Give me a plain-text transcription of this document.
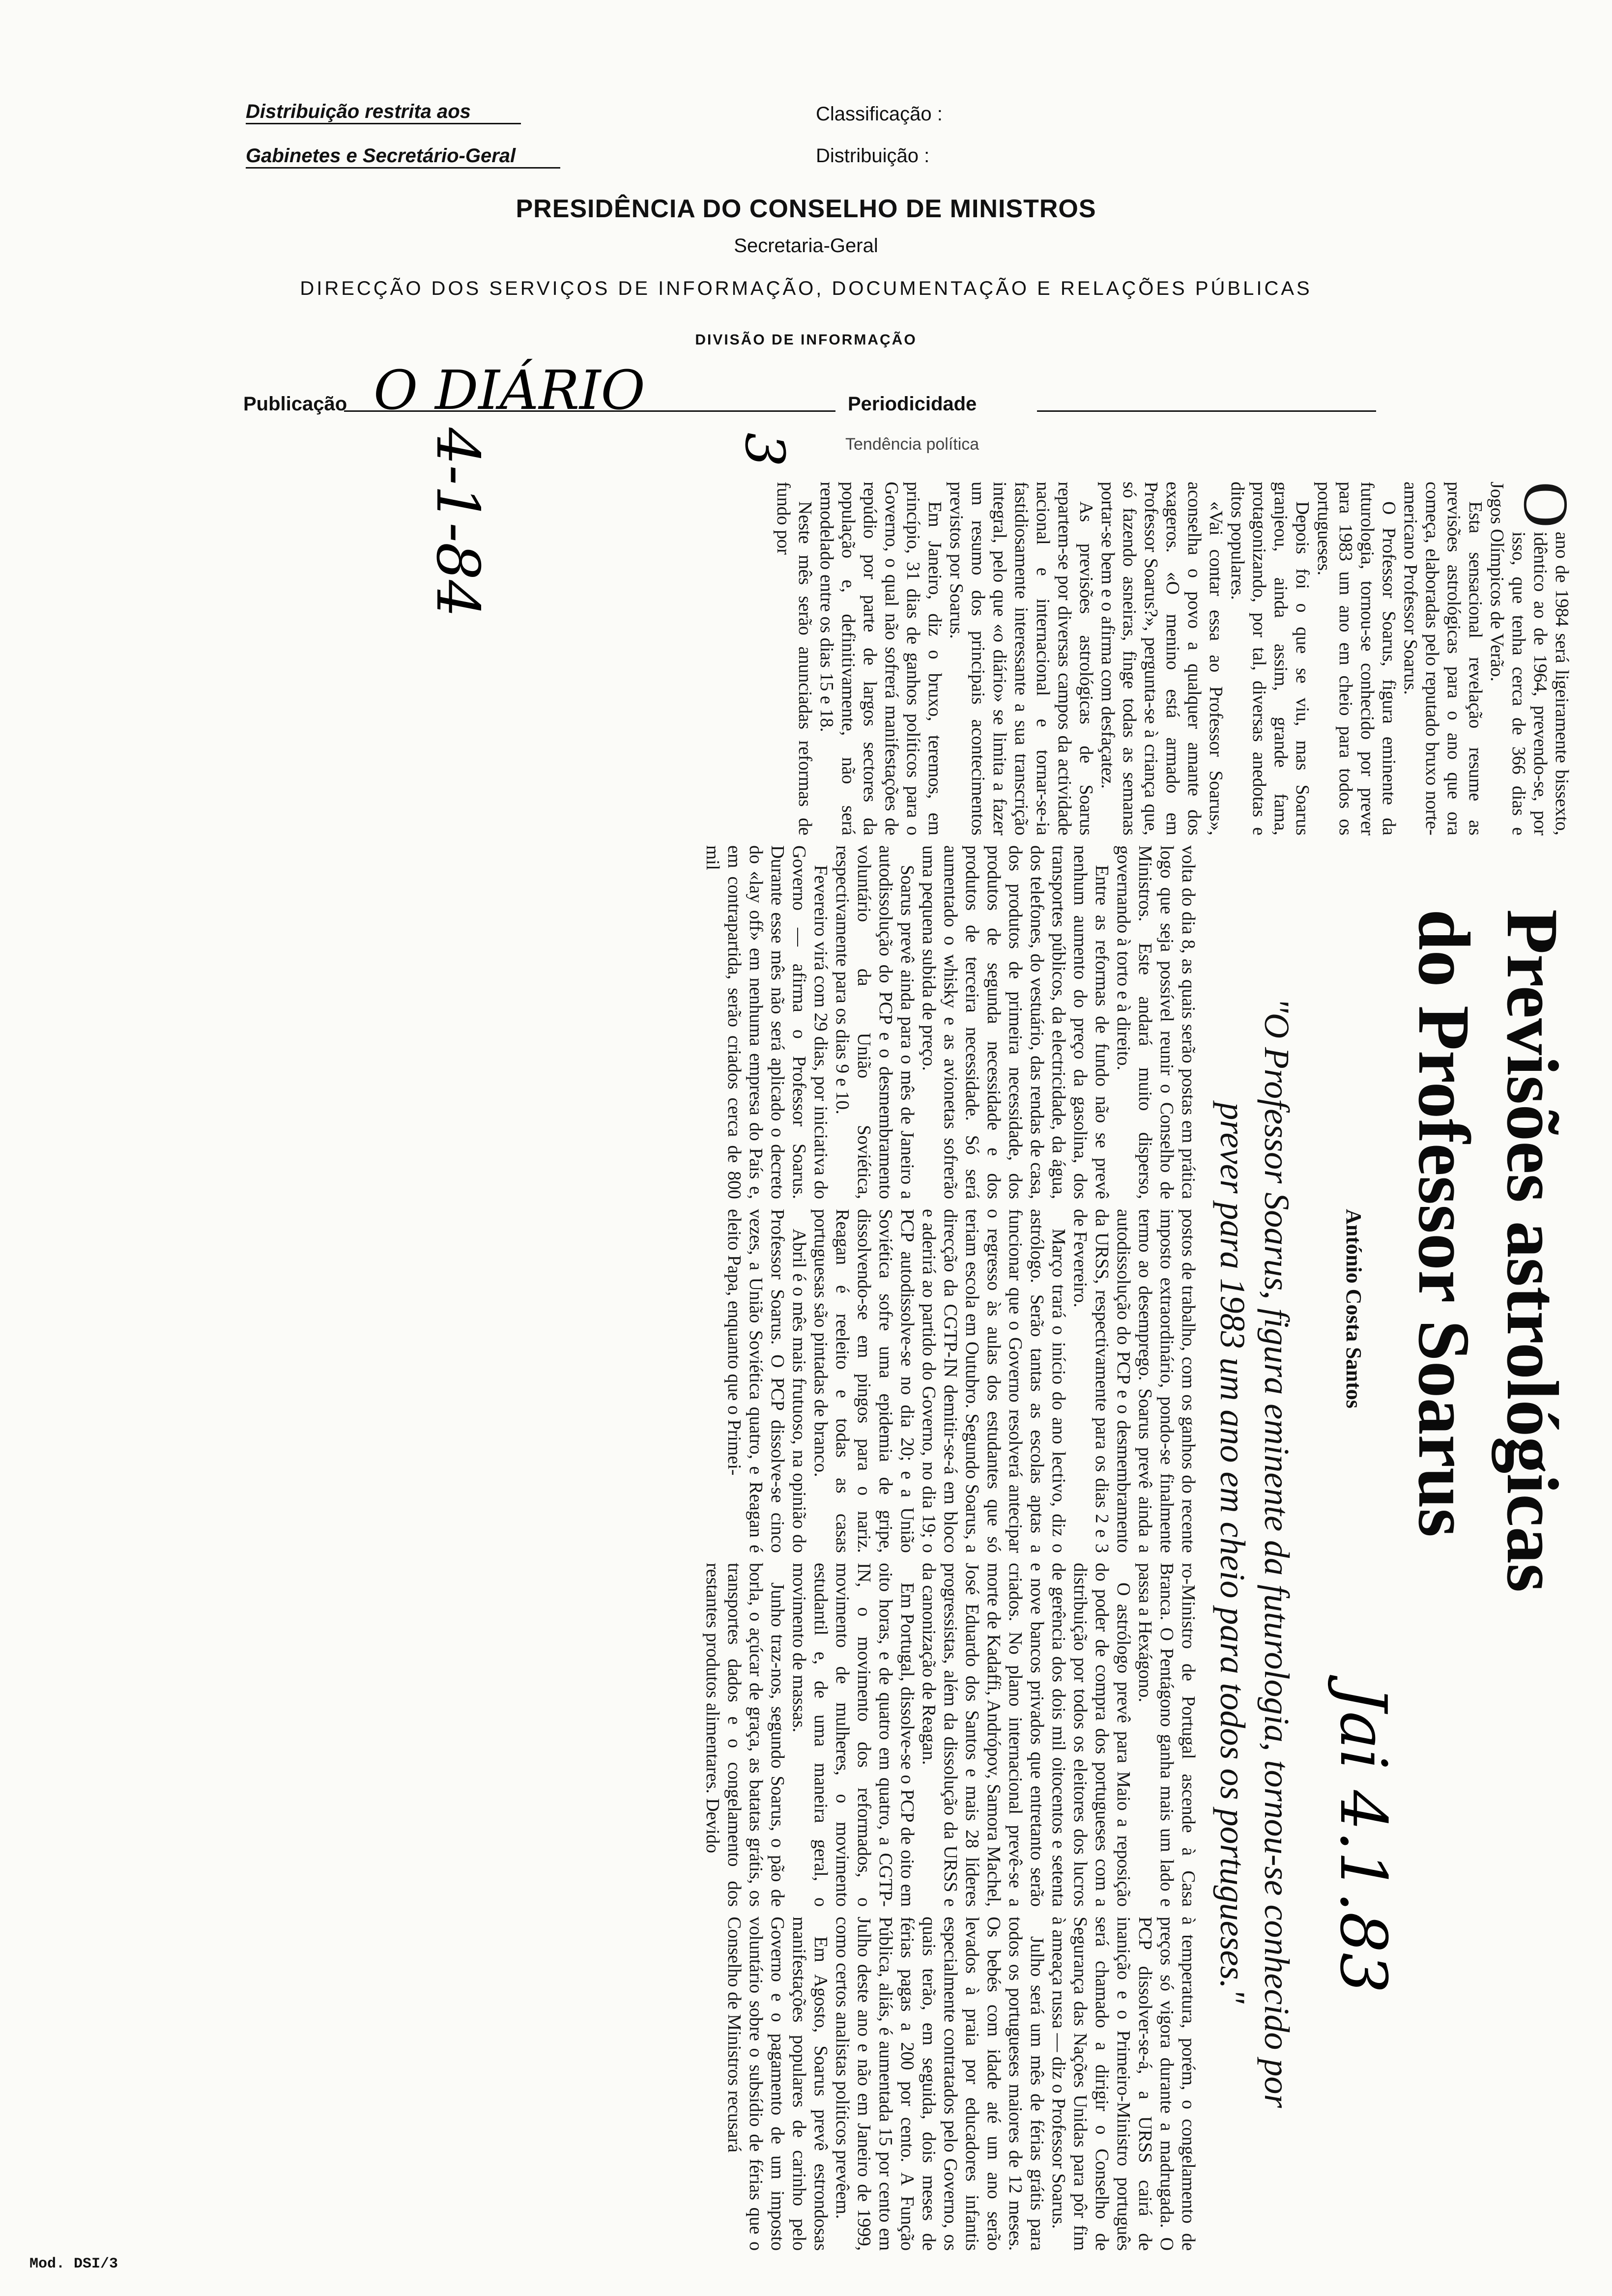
Distribuição restrita aos
Gabinetes e Secretário-Geral
Classificação :
Distribuição :
PRESIDÊNCIA DO CONSELHO DE MINISTROS
Secretaria-Geral
DIRECÇÃO DOS SERVIÇOS DE INFORMAÇÃO, DOCUMENTAÇÃO E RELAÇÕES PÚBLICAS
DIVISÃO DE INFORMAÇÃO
Publicação O DIÁRIO	Periodicidade
Tendência política
4-1-84	3
Previsões astrológicas
do Professor Soarus
António Costa Santos
Jai 4.1.83
"O Professor Soarus, figura eminente da futurologia, tornou-se conhecido por
prever para 1983 um ano em cheio para todos os portugueses."

O
ano de 1984 será ligeiramente bissexto, idêntico ao de 1964, prevendo-se, por isso, que tenha cerca de 366 dias e Jogos Olímpicos de Verão.

Esta sensacional revelação resume as previsões astrológicas para o ano que ora começa, elaboradas pelo reputado bruxo norte-americano Professor Soarus.

O Professor Soarus, figura eminente da futurologia, tornou-se conhecido por prever para 1983 um ano em cheio para todos os portugueses.

Depois foi o que se viu, mas Soarus granjeou, ainda assim, grande fama, protagonizando, por tal, diversas anedotas e ditos populares.

«Vai contar essa ao Professor Soarus», aconselha o povo a qualquer amante dos exageros. «O menino está armado em Professor Soarus?», pergunta-se à criança que, só fazendo asneiras, finge todas as semanas portar-se bem e o afirma com desfaçatez.

As previsões astrológicas de Soarus repartem-se por diversas campos da actividade nacional e internacional e tornar-se-ia fastidiosamente interessante a sua transcrição integral, pelo que «o diário» se limita a fazer um resumo dos principais acontecimentos previstos por Soarus.

Em Janeiro, diz o bruxo, teremos, em princípio, 31 dias de ganhos políticos para o Governo, o qual não sofrerá manifestações de repúdio por parte de largos sectores da população e, definitivamente, não será remodelado entre os dias 15 e 18.

Neste mês serão anunciadas reformas de fundo por

volta do dia 8, as quais serão postas em prática logo que seja possível reunir o Conselho de Ministros. Este andará muito disperso, governando à torto e à direito.

Entre as reformas de fundo não se prevê nenhum aumento do preço da gasolina, dos transportes públicos, da electricidade, da água, dos telefones, do vestuário, das rendas de casa, dos produtos de primeira necessidade, dos produtos de segunda necessidade e dos produtos de terceira necessidade. Só será aumentado o whisky e as avionetas sofrerão uma pequena subida de preço.

Soarus prevê ainda para o mês de Janeiro a autodissolução do PCP e o desmembramento voluntário da União Soviética, respectivamente para os dias 9 e 10.

Fevereiro virá com 29 dias, por iniciativa do Governo — afirma o Professor Soarus. Durante esse mês não será aplicado o decreto do «lay off» em nenhuma empresa do País e, em contrapartida, serão criados cerca de 800 mil

postos de trabalho, com os ganhos do recente imposto extraordinário, pondo-se finalmente termo ao desemprego. Soarus prevê ainda a autodissolução do PCP e o desmembramento da URSS, respectivamente para os dias 2 e 3 de Fevereiro.

Março trará o início do ano lectivo, diz o astrólogo. Serão tantas as escolas aptas a funcionar que o Governo resolverá antecipar o regresso às aulas dos estudantes que só teriam escola em Outubro. Segundo Soarus, a direcção da CGTP-IN demitir-se-á em bloco e aderirá ao partido do Governo, no dia 19; o PCP autodissolve-se no dia 20; e a União Soviética sofre uma epidemia de gripe, dissolvendo-se em pingos para o nariz. Reagan é reeleito e todas as casas portuguesas são pintadas de branco.

Abril é o mês mais frutuoso, na opinião do Professor Soarus. O PCP dissolve-se cinco vezes, a União Soviética quatro, e Reagan é eleito Papa, enquanto que o Primei-

ro-Ministro de Portugal ascende à Casa Branca. O Pentágono ganha mais um lado e passa a Hexágono.

O astrólogo prevê para Maio a reposição do poder de compra dos portugueses com a distribuição por todos os eleitores dos lucros de gerência dos dois mil oitocentos e setenta e nove bancos privados que entretanto serão criados. No plano internacional prevê-se a morte de Kadaffi, Andrópov, Samora Machel, José Eduardo dos Santos e mais 28 líderes progressistas, além da dissolução da URSS e da canonização de Reagan.

Em Portugal, dissolve-se o PCP de oito em oito horas, e de quatro em quatro, a CGTP-IN, o movimento dos reformados, o movimento de mulheres, o movimento estudantil e, de uma maneira geral, o movimento de massas.

Junho traz-nos, segundo Soarus, o pão de borla, o açúcar de graça, as batatas grátis, os transportes dados e o congelamento dos restantes produtos alimentares. Devido

à temperatura, porém, o congelamento de preços só vigora durante a madrugada. O PCP dissolver-se-á, a URSS cairá de inanição e o Primeiro-Ministro português será chamado a dirigir o Conselho de Segurança das Nações Unidas para pôr fim à ameaça russa — diz o Professor Soarus.

Julho será um mês de férias grátis para todos os portugueses maiores de 12 meses. Os bebés com idade até um ano serão levados à praia por educadores infantis especialmente contratados pelo Governo, os quais terão, em seguida, dois meses de férias pagas a 200 por cento. A Função Pública, aliás, é aumentada 15 por cento em Julho deste ano e não em Janeiro de 1999, como certos analistas políticos prevêem.

Em Agosto, Soarus prevê estrondosas manifestações populares de carinho pelo Governo e o pagamento de um imposto voluntário sobre o subsídio de férias que o Conselho de Ministros recusará

Mod. DSI/3
